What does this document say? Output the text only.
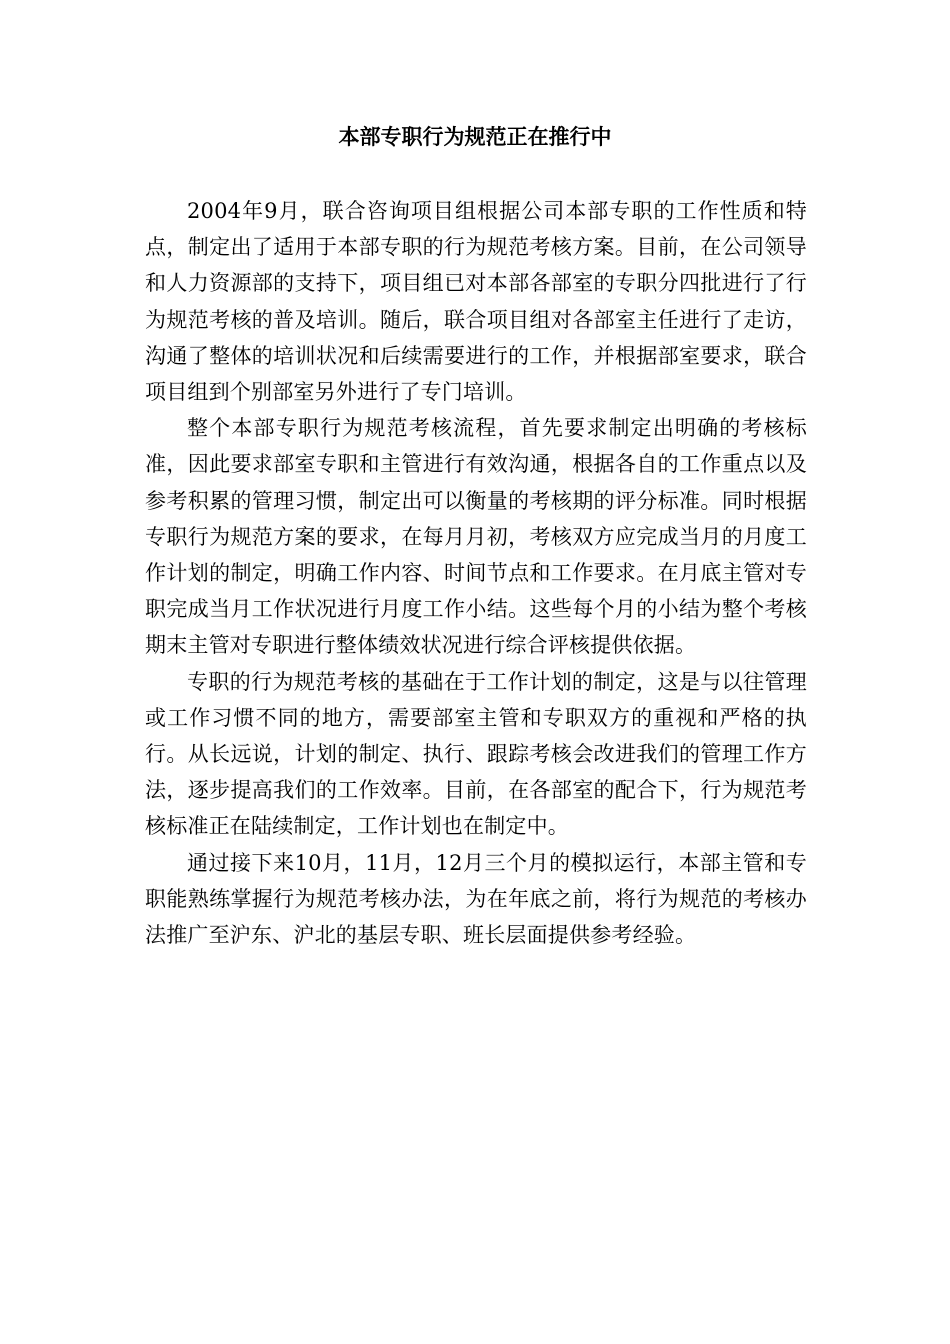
本部专职行为规范正在推行中

2004年9月，联合咨询项目组根据公司本部专职的工作性质和特点，制定出了适用于本部专职的行为规范考核方案。目前，在公司领导和人力资源部的支持下，项目组已对本部各部室的专职分四批进行了行为规范考核的普及培训。随后，联合项目组对各部室主任进行了走访，沟通了整体的培训状况和后续需要进行的工作，并根据部室要求，联合项目组到个别部室另外进行了专门培训。

整个本部专职行为规范考核流程，首先要求制定出明确的考核标准，因此要求部室专职和主管进行有效沟通，根据各自的工作重点以及参考积累的管理习惯，制定出可以衡量的考核期的评分标准。同时根据专职行为规范方案的要求，在每月月初，考核双方应完成当月的月度工作计划的制定，明确工作内容、时间节点和工作要求。在月底主管对专职完成当月工作状况进行月度工作小结。这些每个月的小结为整个考核期末主管对专职进行整体绩效状况进行综合评核提供依据。

专职的行为规范考核的基础在于工作计划的制定，这是与以往管理或工作习惯不同的地方，需要部室主管和专职双方的重视和严格的执行。从长远说，计划的制定、执行、跟踪考核会改进我们的管理工作方法，逐步提高我们的工作效率。目前，在各部室的配合下，行为规范考核标准正在陆续制定，工作计划也在制定中。

通过接下来10月，11月，12月三个月的模拟运行，本部主管和专职能熟练掌握行为规范考核办法，为在年底之前，将行为规范的考核办法推广至沪东、沪北的基层专职、班长层面提供参考经验。
